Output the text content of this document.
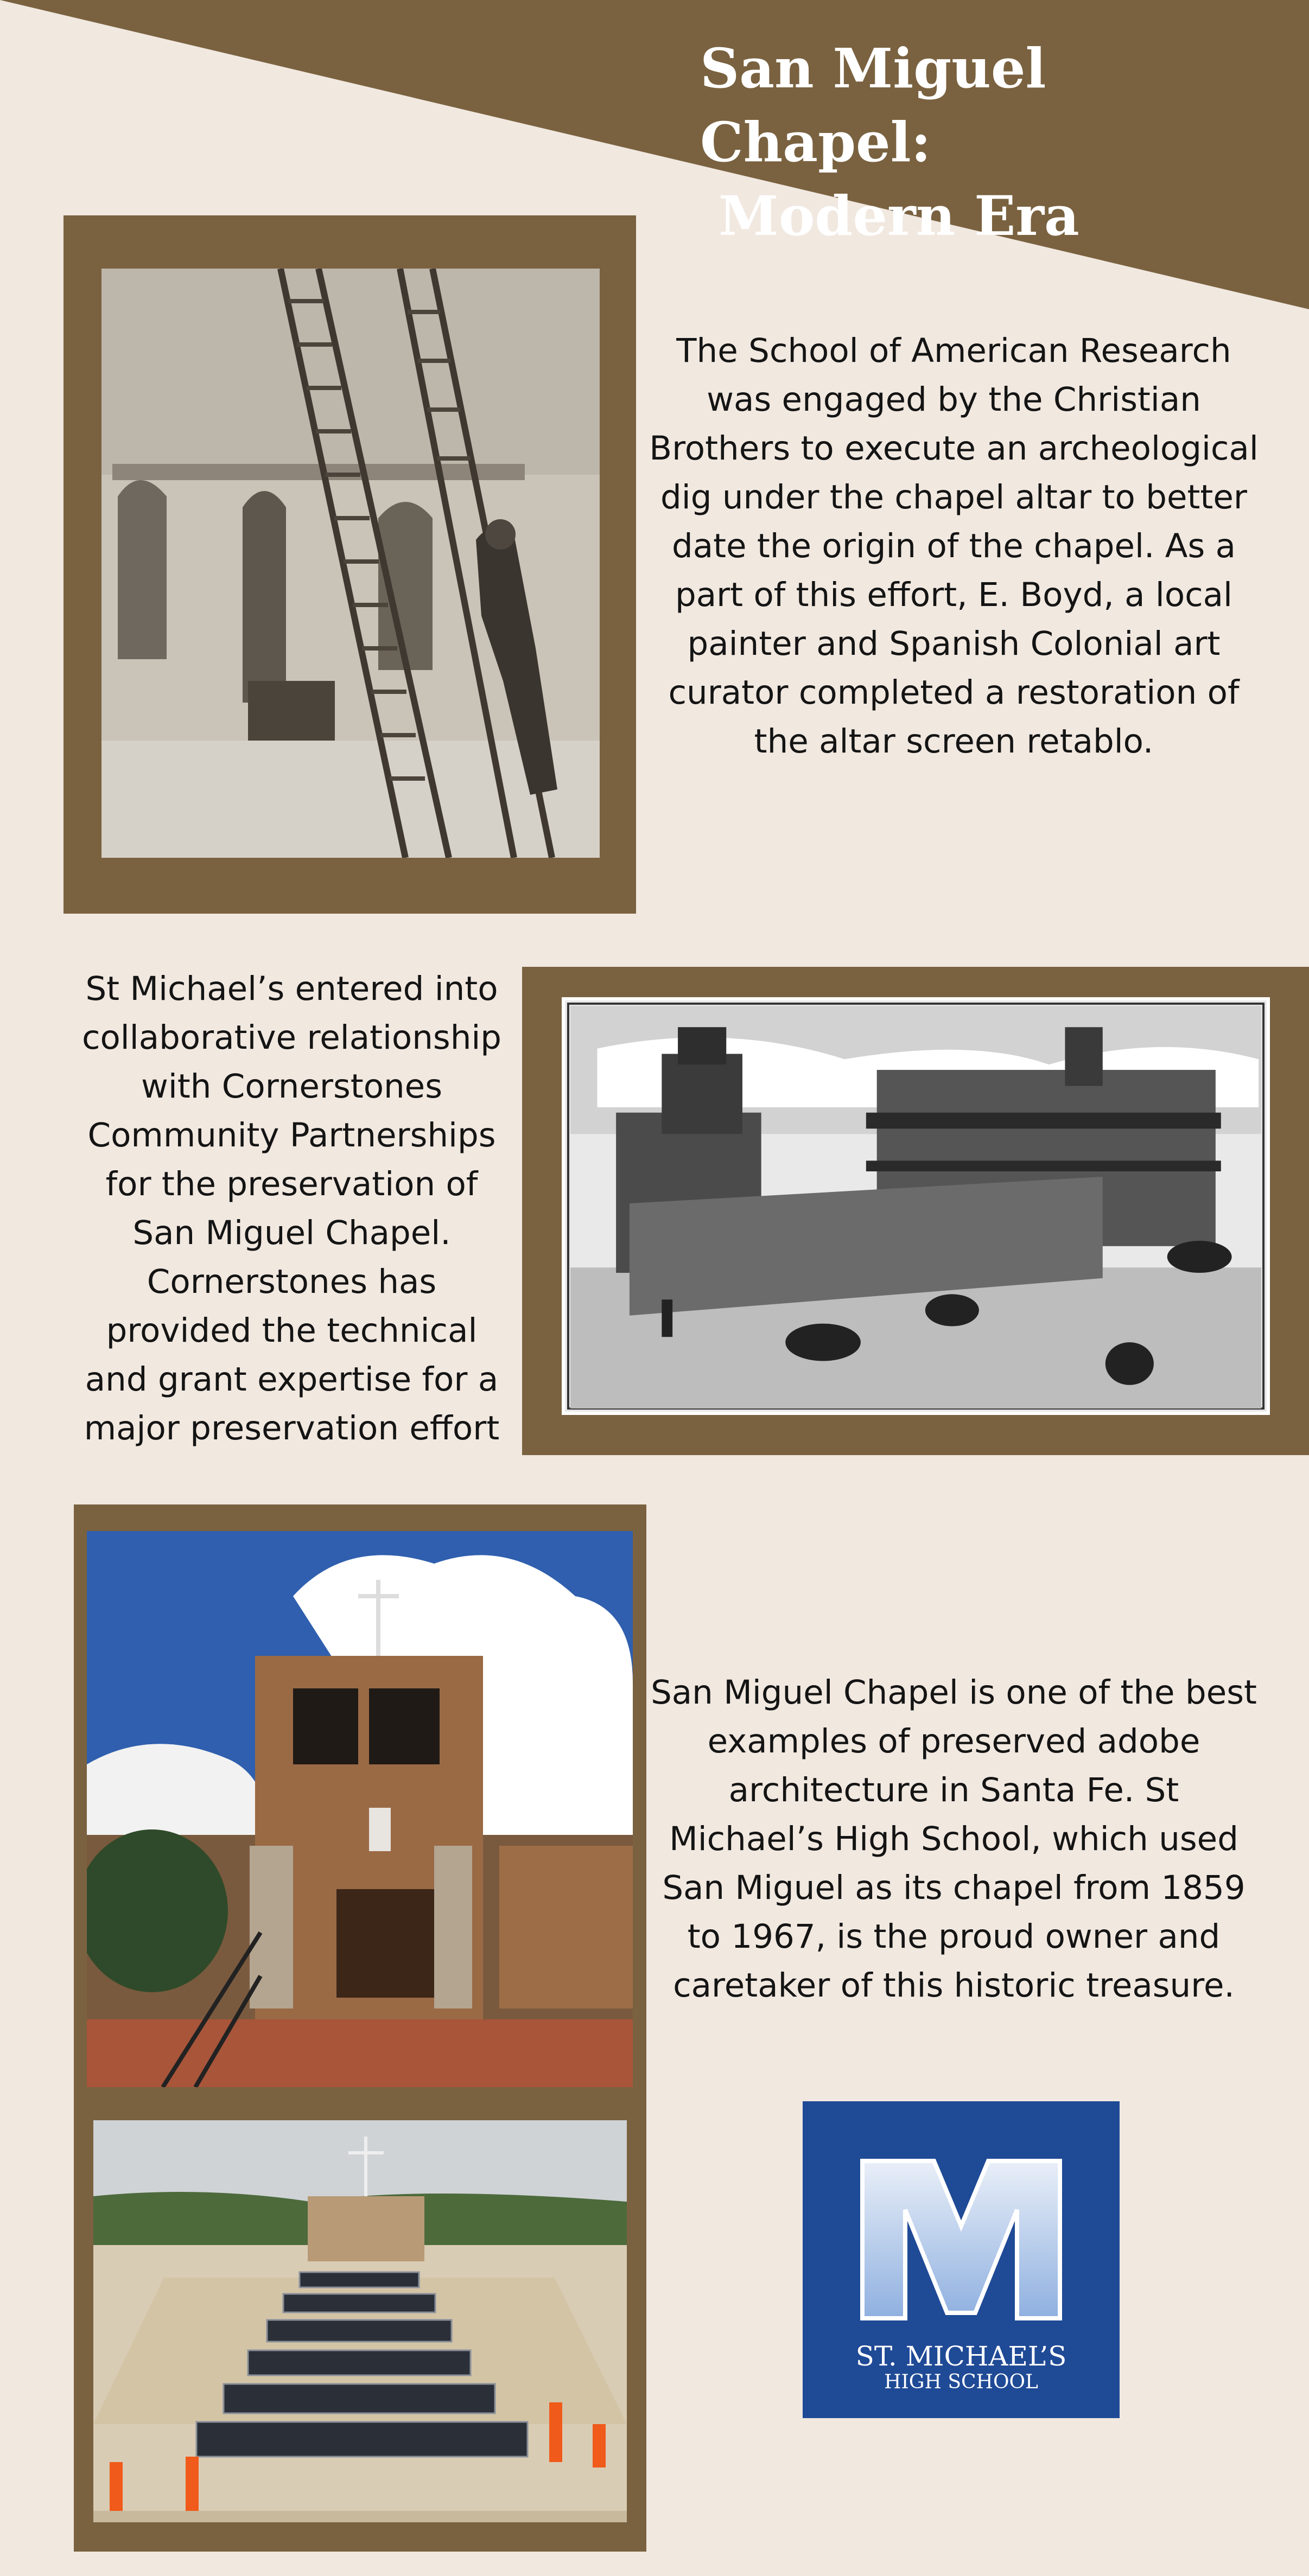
San Miguel Chapel:
Modern Era

The School of American Research was engaged by the Christian Brothers to execute an archeological dig under the chapel altar to better date the origin of the chapel. As a part of this effort, E. Boyd, a local painter and Spanish Colonial art curator completed a restoration of the altar screen retablo.

St Michael’s entered into collaborative relationship with Cornerstones Community Partnerships for the preservation of San Miguel Chapel. Cornerstones has provided the technical and grant expertise for a major preservation effort

San Miguel Chapel is one of the best examples of preserved adobe architecture in Santa Fe. St Michael’s High School, which used San Miguel as its chapel from 1859 to 1967, is the proud owner and caretaker of this historic treasure.

ST. MICHAEL’S
HIGH SCHOOL
